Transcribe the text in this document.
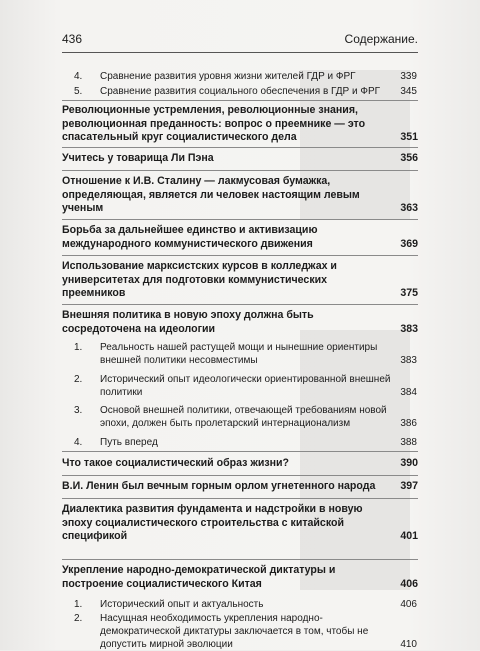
436	Содержание.
4.	Сравнение развития уровня жизни жителей ГДР и ФРГ	339
5.	Сравнение развития социального обеспечения в ГДР и ФРГ	345
Революционные устремления, революционные знания, революционная преданность: вопрос о преемнике — это спасательный круг социалистического дела	351
Учитесь у товарища Ли Пэна	356
Отношение к И.В. Сталину — лакмусовая бумажка, определяющая, является ли человек настоящим левым ученым	363
Борьба за дальнейшее единство и активизацию международного коммунистического движения	369
Использование марксистских курсов в колледжах и университетах для подготовки коммунистических преемников	375
Внешняя политика в новую эпоху должна быть сосредоточена на идеологии	383
1.	Реальность нашей растущей мощи и нынешние ориентиры внешней политики несовместимы	383
2.	Исторический опыт идеологически ориентированной внешней политики	384
3.	Основой внешней политики, отвечающей требованиям новой эпохи, должен быть пролетарский интернационализм	386
4.	Путь вперед	388
Что такое социалистический образ жизни?	390
В.И. Ленин был вечным горным орлом угнетенного народа	397
Диалектика развития фундамента и надстройки в новую эпоху социалистического строительства с китайской спецификой	401
Укрепление народно-демократической диктатуры и построение социалистического Китая	406
1.	Исторический опыт и актуальность	406
2.	Насущная необходимость укрепления народно-демократической диктатуры заключается в том, чтобы не допустить мирной эволюции	410
